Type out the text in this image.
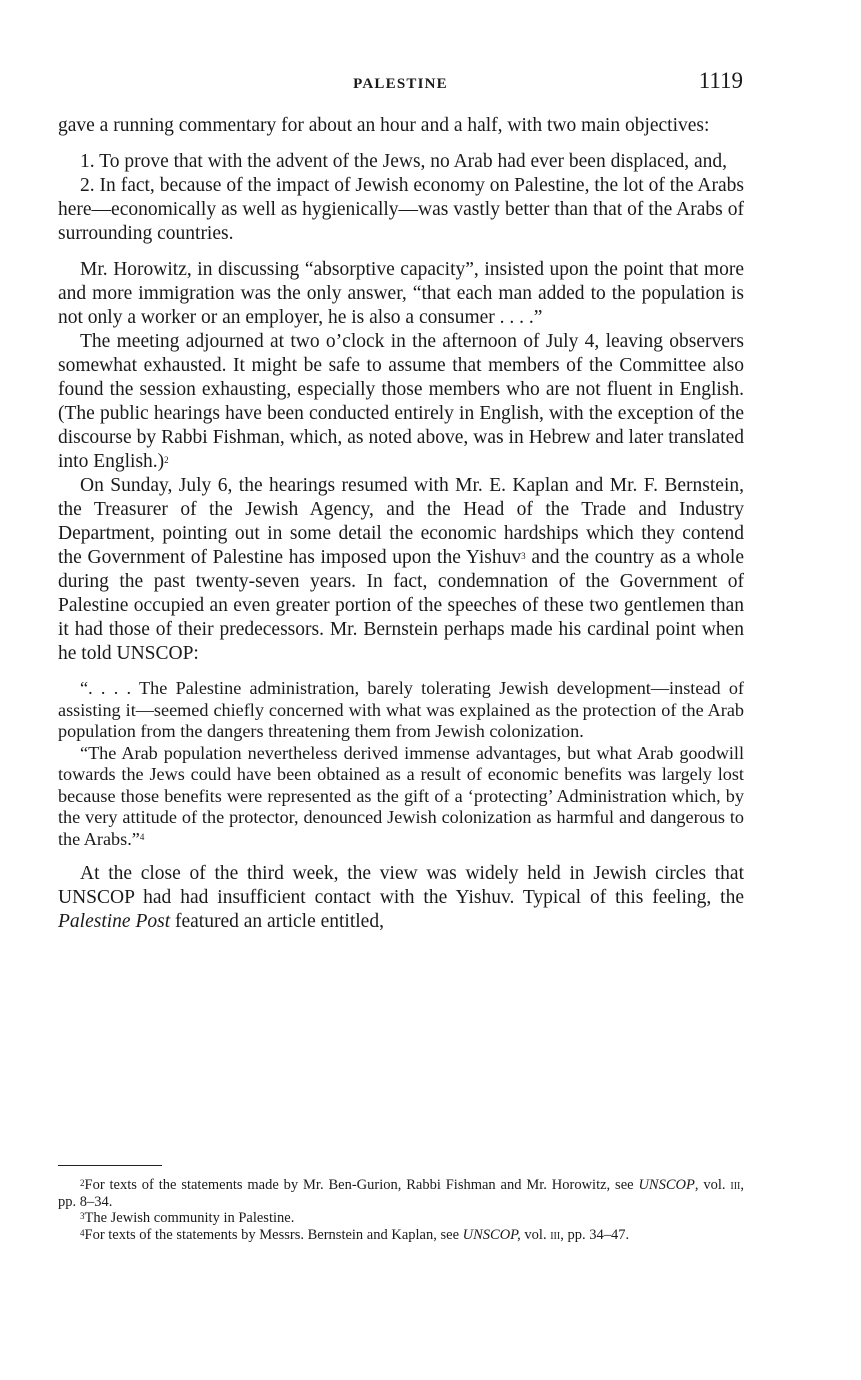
PALESTINE	1119

gave a running commentary for about an hour and a half, with two main objectives:

1. To prove that with the advent of the Jews, no Arab had ever been displaced, and,

2. In fact, because of the impact of Jewish economy on Palestine, the lot of the Arabs here—economically as well as hygienically—was vastly better than that of the Arabs of surrounding countries.

Mr. Horowitz, in discussing “absorptive capacity”, insisted upon the point that more and more immigration was the only answer, “that each man added to the population is not only a worker or an employer, he is also a consumer . . . .”

The meeting adjourned at two o’clock in the afternoon of July 4, leaving observers somewhat exhausted. It might be safe to assume that members of the Committee also found the session exhausting, especially those members who are not fluent in English. (The public hearings have been conducted entirely in English, with the exception of the discourse by Rabbi Fishman, which, as noted above, was in Hebrew and later translated into English.)$^2$

On Sunday, July 6, the hearings resumed with Mr. E. Kaplan and Mr. F. Bernstein, the Treasurer of the Jewish Agency, and the Head of the Trade and Industry Department, pointing out in some detail the economic hardships which they contend the Government of Palestine has imposed upon the Yishuv$^3$ and the country as a whole during the past twenty-seven years. In fact, condemnation of the Government of Palestine occupied an even greater portion of the speeches of these two gentlemen than it had those of their predecessors. Mr. Bernstein perhaps made his cardinal point when he told UNSCOP:

“. . . . The Palestine administration, barely tolerating Jewish development—instead of assisting it—seemed chiefly concerned with what was explained as the protection of the Arab population from the dangers threatening them from Jewish colonization.

“The Arab population nevertheless derived immense advantages, but what Arab goodwill towards the Jews could have been obtained as a result of economic benefits was largely lost because those benefits were represented as the gift of a ‘protecting’ Administration which, by the very attitude of the protector, denounced Jewish colonization as harmful and dangerous to the Arabs.”$^4$

At the close of the third week, the view was widely held in Jewish circles that UNSCOP had had insufficient contact with the Yishuv. Typical of this feeling, the Palestine Post featured an article entitled,

$^2$For texts of the statements made by Mr. Ben-Gurion, Rabbi Fishman and Mr. Horowitz, see UNSCOP, vol. iii, pp. 8–34.

$^3$The Jewish community in Palestine.

$^4$For texts of the statements by Messrs. Bernstein and Kaplan, see UNSCOP, vol. iii, pp. 34–47.
